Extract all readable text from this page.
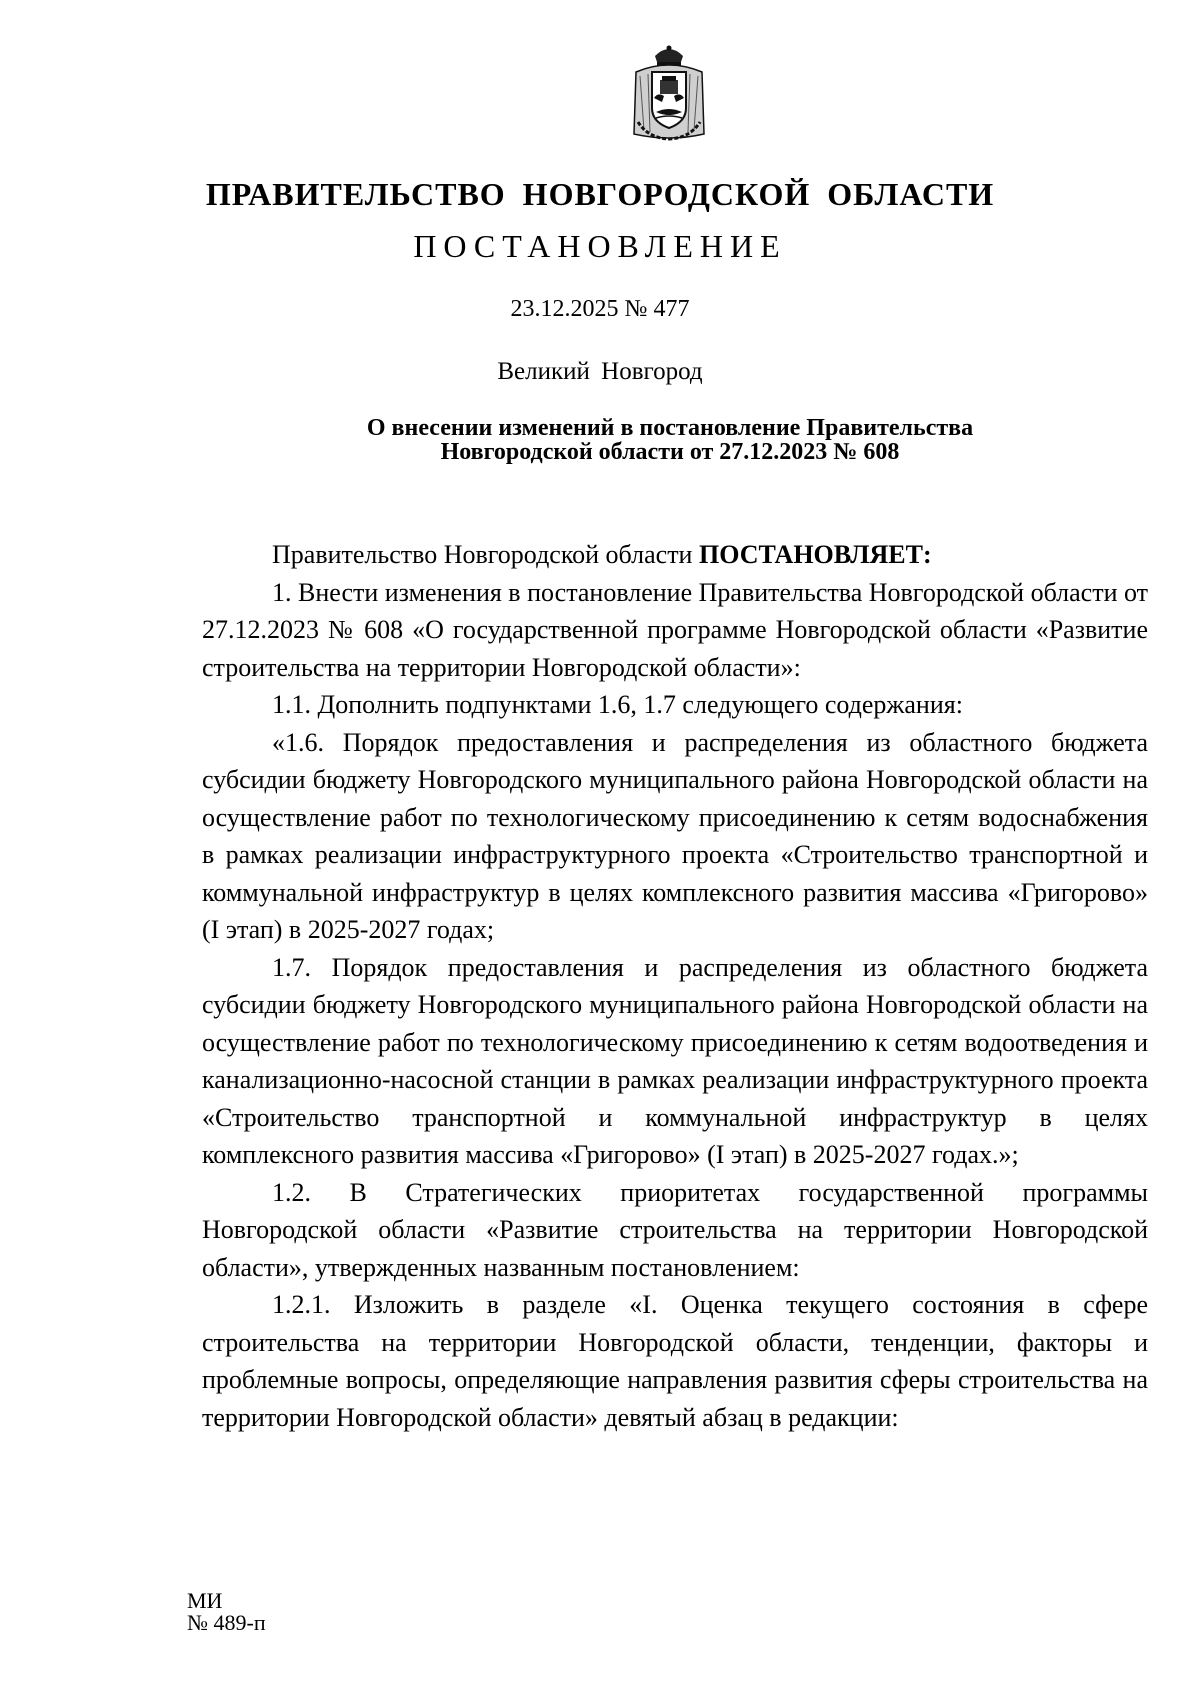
ПРАВИТЕЛЬСТВО НОВГОРОДСКОЙ ОБЛАСТИ
ПОСТАНОВЛЕНИЕ
23.12.2025 № 477
Великий Новгород
О внесении изменений в постановление Правительства
Новгородской области от 27.12.2023 № 608

Правительство Новгородской области ПОСТАНОВЛЯЕТ:

1. Внести изменения в постановление Правительства Новгородской области от 27.12.2023 № 608 «О государственной программе Новгородской области «Развитие строительства на территории Новгородской области»:

1.1. Дополнить подпунктами 1.6, 1.7 следующего содержания:

«1.6. Порядок предоставления и распределения из областного бюджета субсидии бюджету Новгородского муниципального района Новгородской области на осуществление работ по технологическому присоединению к сетям водоснабжения в рамках реализации инфраструктурного проекта «Строительство транспортной и коммунальной инфраструктур в целях комплексного развития массива «Григорово» (I этап) в 2025-2027 годах;

1.7. Порядок предоставления и распределения из областного бюджета субсидии бюджету Новгородского муниципального района Новгородской области на осуществление работ по технологическому присоединению к сетям водоотведения и канализационно-насосной станции в рамках реализации инфраструктурного проекта «Строительство транспортной и коммунальной инфраструктур в целях комплексного развития массива «Григорово» (I этап) в 2025-2027 годах.»;

1.2. В Стратегических приоритетах государственной программы Новгородской области «Развитие строительства на территории Новгородской области», утвержденных названным постановлением:

1.2.1. Изложить в разделе «I. Оценка текущего состояния в сфере строительства на территории Новгородской области, тенденции, факторы и проблемные вопросы, определяющие направления развития сферы строительства на территории Новгородской области» девятый абзац в редакции:

МИ
№ 489-п
